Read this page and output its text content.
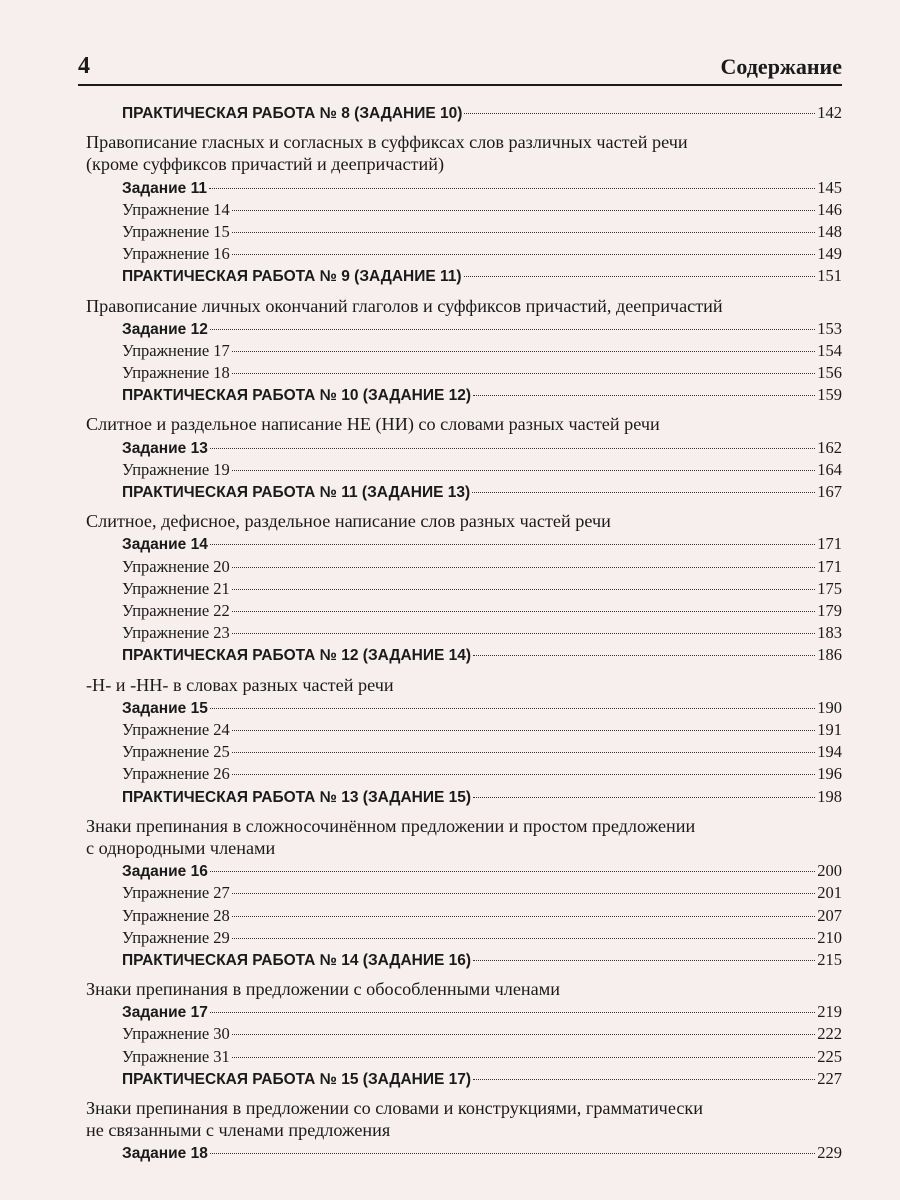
4	Содержание
ПРАКТИЧЕСКАЯ РАБОТА № 8 (ЗАДАНИЕ 10)	142
Правописание гласных и согласных в суффиксах слов различных частей речи
(кроме суффиксов причастий и деепричастий)
Задание 11	145
Упражнение 14	146
Упражнение 15	148
Упражнение 16	149
ПРАКТИЧЕСКАЯ РАБОТА № 9 (ЗАДАНИЕ 11)	151
Правописание личных окончаний глаголов и суффиксов причастий, деепричастий
Задание 12	153
Упражнение 17	154
Упражнение 18	156
ПРАКТИЧЕСКАЯ РАБОТА № 10 (ЗАДАНИЕ 12)	159
Слитное и раздельное написание НЕ (НИ) со словами разных частей речи
Задание 13	162
Упражнение 19	164
ПРАКТИЧЕСКАЯ РАБОТА № 11 (ЗАДАНИЕ 13)	167
Слитное, дефисное, раздельное написание слов разных частей речи
Задание 14	171
Упражнение 20	171
Упражнение 21	175
Упражнение 22	179
Упражнение 23	183
ПРАКТИЧЕСКАЯ РАБОТА № 12 (ЗАДАНИЕ 14)	186
-Н- и -НН- в словах разных частей речи
Задание 15	190
Упражнение 24	191
Упражнение 25	194
Упражнение 26	196
ПРАКТИЧЕСКАЯ РАБОТА № 13 (ЗАДАНИЕ 15)	198
Знаки препинания в сложносочинённом предложении и простом предложении
с однородными членами
Задание 16	200
Упражнение 27	201
Упражнение 28	207
Упражнение 29	210
ПРАКТИЧЕСКАЯ РАБОТА № 14 (ЗАДАНИЕ 16)	215
Знаки препинания в предложении с обособленными членами
Задание 17	219
Упражнение 30	222
Упражнение 31	225
ПРАКТИЧЕСКАЯ РАБОТА № 15 (ЗАДАНИЕ 17)	227
Знаки препинания в предложении со словами и конструкциями, грамматически
не связанными с членами предложения
Задание 18	229
